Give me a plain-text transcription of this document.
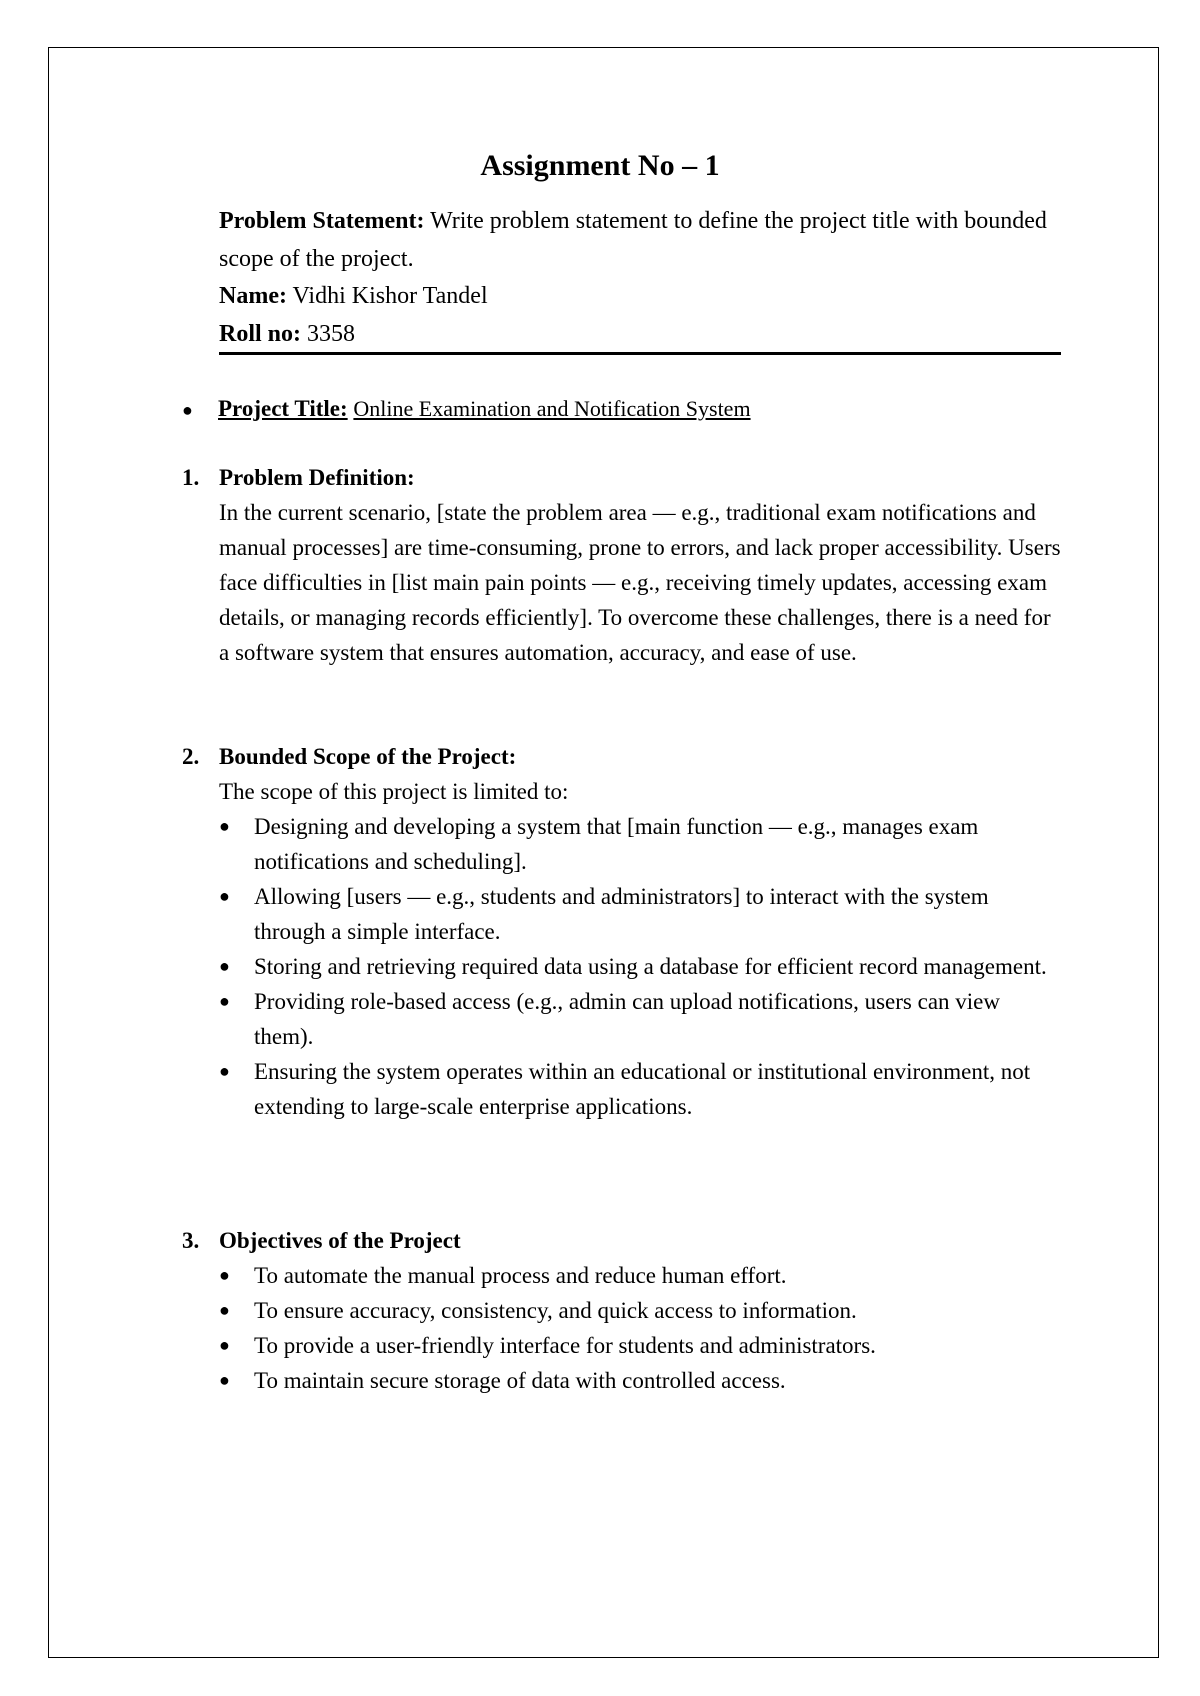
Assignment No – 1

Problem Statement: Write problem statement to define the project title with bounded scope of the project.

Name: Vidhi Kishor Tandel

Roll no: 3358

● Project Title: Online Examination and Notification System

1. Problem Definition:

In the current scenario, [state the problem area — e.g., traditional exam notifications and manual processes] are time-consuming, prone to errors, and lack proper accessibility. Users face difficulties in [list main pain points — e.g., receiving timely updates, accessing exam details, or managing records efficiently]. To overcome these challenges, there is a need for a software system that ensures automation, accuracy, and ease of use.

2. Bounded Scope of the Project:

The scope of this project is limited to:

● Designing and developing a system that [main function — e.g., manages exam notifications and scheduling].
● Allowing [users — e.g., students and administrators] to interact with the system through a simple interface.
● Storing and retrieving required data using a database for efficient record management.
● Providing role-based access (e.g., admin can upload notifications, users can view them).
● Ensuring the system operates within an educational or institutional environment, not extending to large-scale enterprise applications.

3. Objectives of the Project

● To automate the manual process and reduce human effort.
● To ensure accuracy, consistency, and quick access to information.
● To provide a user-friendly interface for students and administrators.
● To maintain secure storage of data with controlled access.
